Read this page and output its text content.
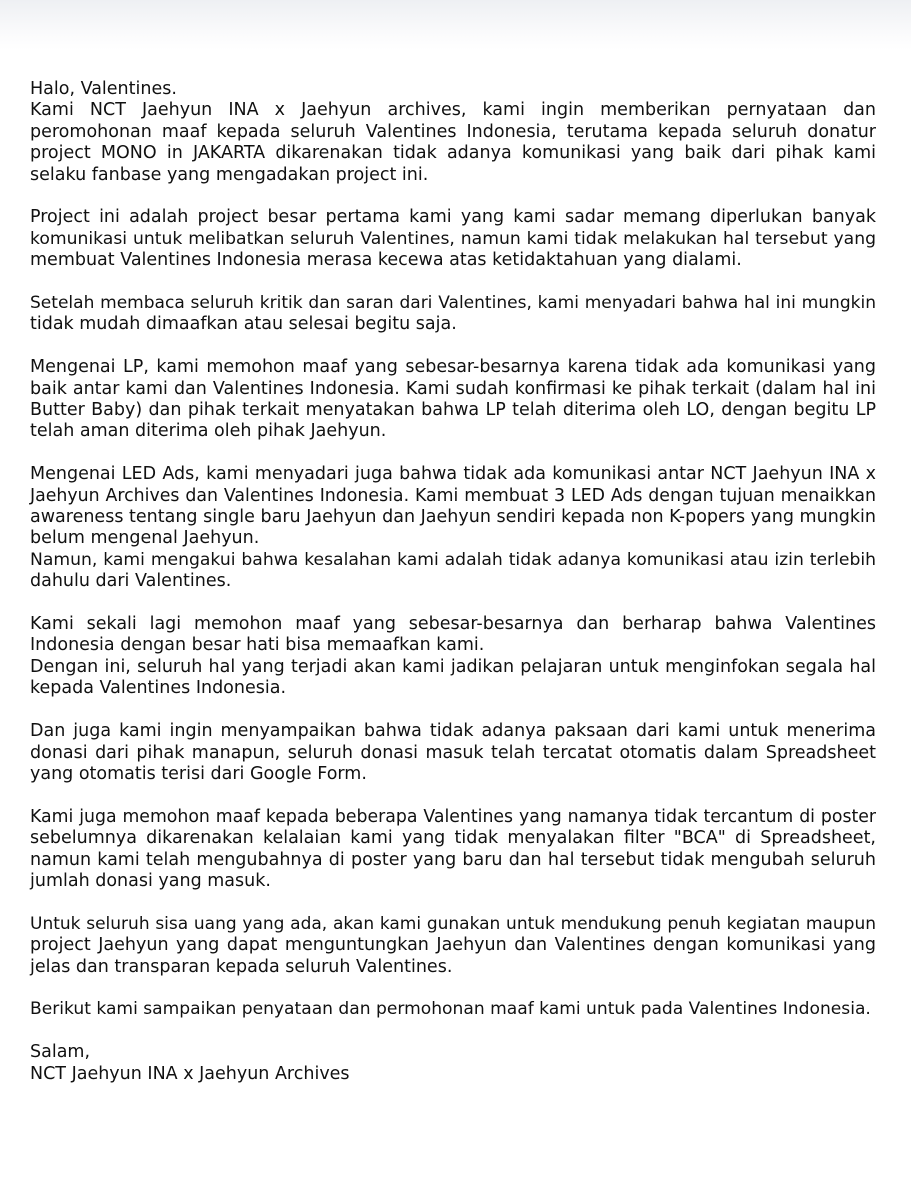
Halo, Valentines.
Kami NCT Jaehyun INA x Jaehyun archives, kami ingin memberikan pernyataan dan
peromohonan maaf kepada seluruh Valentines Indonesia, terutama kepada seluruh donatur
project MONO in JAKARTA dikarenakan tidak adanya komunikasi yang baik dari pihak kami
selaku fanbase yang mengadakan project ini.

Project ini adalah project besar pertama kami yang kami sadar memang diperlukan banyak
komunikasi untuk melibatkan seluruh Valentines, namun kami tidak melakukan hal tersebut yang
membuat Valentines Indonesia merasa kecewa atas ketidaktahuan yang dialami.

Setelah membaca seluruh kritik dan saran dari Valentines, kami menyadari bahwa hal ini mungkin
tidak mudah dimaafkan atau selesai begitu saja.

Mengenai LP, kami memohon maaf yang sebesar-besarnya karena tidak ada komunikasi yang
baik antar kami dan Valentines Indonesia. Kami sudah konfirmasi ke pihak terkait (dalam hal ini
Butter Baby) dan pihak terkait menyatakan bahwa LP telah diterima oleh LO, dengan begitu LP
telah aman diterima oleh pihak Jaehyun.

Mengenai LED Ads, kami menyadari juga bahwa tidak ada komunikasi antar NCT Jaehyun INA x
Jaehyun Archives dan Valentines Indonesia. Kami membuat 3 LED Ads dengan tujuan menaikkan
awareness tentang single baru Jaehyun dan Jaehyun sendiri kepada non K-popers yang mungkin
belum mengenal Jaehyun.
Namun, kami mengakui bahwa kesalahan kami adalah tidak adanya komunikasi atau izin terlebih
dahulu dari Valentines.

Kami sekali lagi memohon maaf yang sebesar-besarnya dan berharap bahwa Valentines
Indonesia dengan besar hati bisa memaafkan kami.
Dengan ini, seluruh hal yang terjadi akan kami jadikan pelajaran untuk menginfokan segala hal
kepada Valentines Indonesia.

Dan juga kami ingin menyampaikan bahwa tidak adanya paksaan dari kami untuk menerima
donasi dari pihak manapun, seluruh donasi masuk telah tercatat otomatis dalam Spreadsheet
yang otomatis terisi dari Google Form.

Kami juga memohon maaf kepada beberapa Valentines yang namanya tidak tercantum di poster
sebelumnya dikarenakan kelalaian kami yang tidak menyalakan filter "BCA" di Spreadsheet,
namun kami telah mengubahnya di poster yang baru dan hal tersebut tidak mengubah seluruh
jumlah donasi yang masuk.

Untuk seluruh sisa uang yang ada, akan kami gunakan untuk mendukung penuh kegiatan maupun
project Jaehyun yang dapat menguntungkan Jaehyun dan Valentines dengan komunikasi yang
jelas dan transparan kepada seluruh Valentines.

Berikut kami sampaikan penyataan dan permohonan maaf kami untuk pada Valentines Indonesia.

Salam,
NCT Jaehyun INA x Jaehyun Archives
